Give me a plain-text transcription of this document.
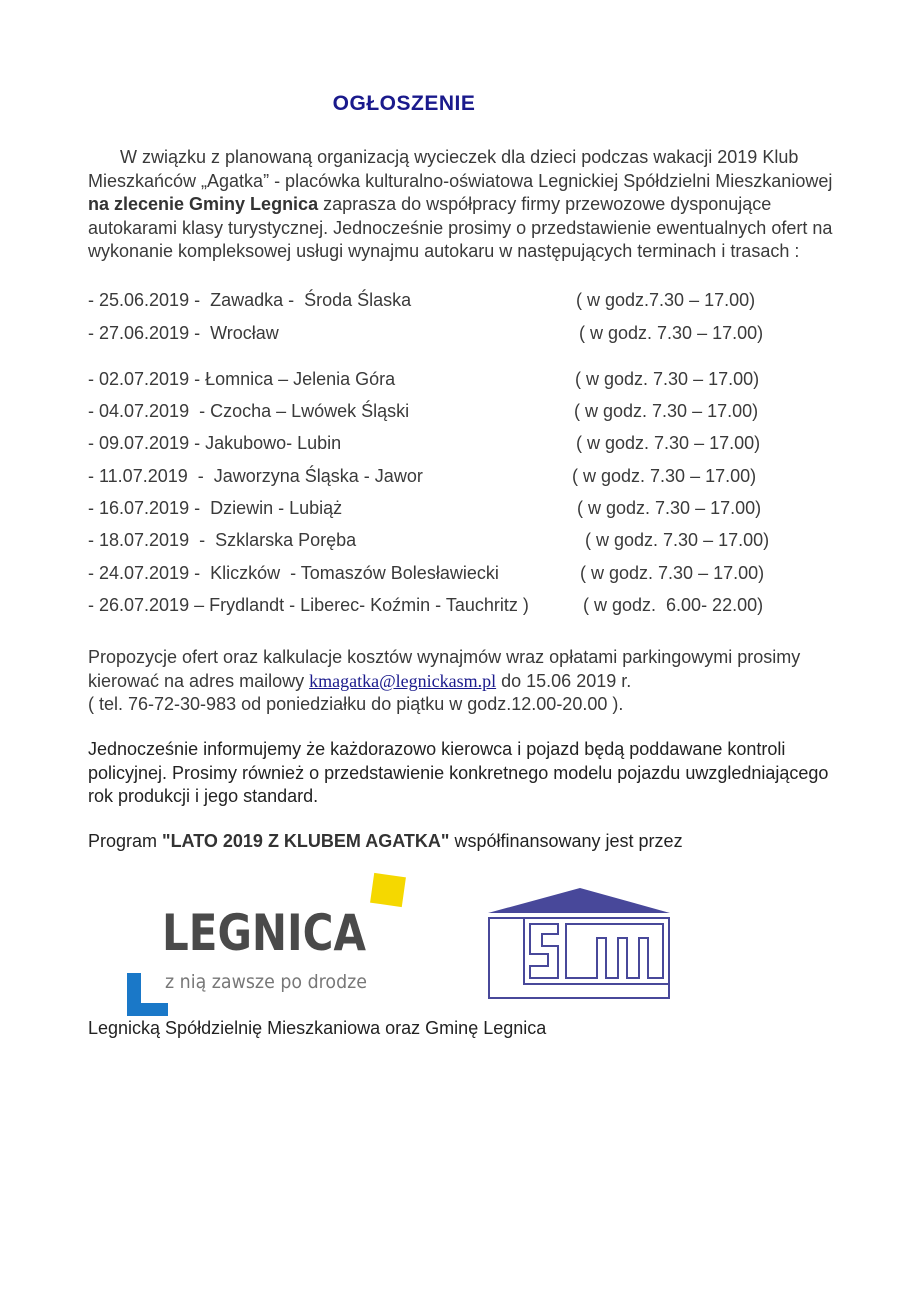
OGŁOSZENIE
W związku z planowaną organizacją wycieczek dla dzieci podczas wakacji 2019 Klub Mieszkańców „Agatka” - placówka kulturalno-oświatowa Legnickiej Spółdzielni Mieszkaniowej na zlecenie Gminy Legnica zaprasza do współpracy firmy przewozowe dysponujące autokarami klasy turystycznej. Jednocześnie prosimy o przedstawienie ewentualnych ofert na wykonanie kompleksowej usługi wynajmu autokaru w następujących terminach i trasach :
- 25.06.2019 -  Zawadka -  Środa Ślaska	( w godz.7.30 – 17.00)
- 27.06.2019 -  Wrocław	( w godz. 7.30 – 17.00)
- 02.07.2019 - Łomnica – Jelenia Góra	( w godz. 7.30 – 17.00)
- 04.07.2019  - Czocha – Lwówek Śląski	( w godz. 7.30 – 17.00)
- 09.07.2019 - Jakubowo- Lubin	( w godz. 7.30 – 17.00)
- 11.07.2019  -  Jaworzyna Śląska - Jawor	( w godz. 7.30 – 17.00)
- 16.07.2019 -  Dziewin - Lubiąż	( w godz. 7.30 – 17.00)
- 18.07.2019  -  Szklarska Poręba	( w godz. 7.30 – 17.00)
- 24.07.2019 -  Kliczków  - Tomaszów Bolesławiecki	( w godz. 7.30 – 17.00)
- 26.07.2019 – Frydlandt - Liberec- Koźmin - Tauchritz )	( w godz.  6.00- 22.00)
Propozycje ofert oraz kalkulacje kosztów wynajmów wraz opłatami parkingowymi prosimy kierować na adres mailowy kmagatka@legnickasm.pl do 15.06 2019 r.
( tel. 76-72-30-983 od poniedziałku do piątku w godz.12.00-20.00 ).
Jednocześnie informujemy że każdorazowo kierowca i pojazd będą poddawane kontroli policyjnej. Prosimy również o przedstawienie konkretnego modelu pojazdu uwzgledniającego rok produkcji i jego standard.
Program "LATO 2019 Z KLUBEM AGATKA" współfinansowany jest przez
LEGNICA
z nią zawsze po drodze
LSM
Legnicką Spółdzielnię Mieszkaniowa oraz Gminę Legnica
